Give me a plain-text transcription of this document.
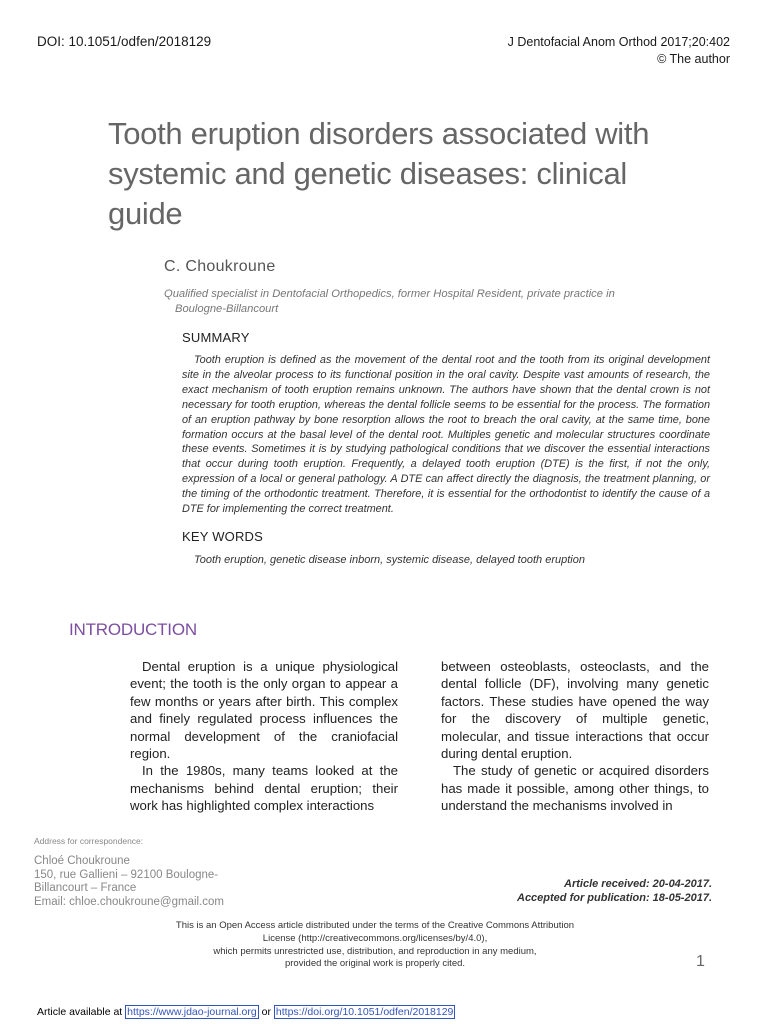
DOI: 10.1051/odfen/2018129	J Dentofacial Anom Orthod 2017;20:402
© The author
Tooth eruption disorders associated with systemic and genetic diseases: clinical guide
C. Choukroune
Qualified specialist in Dentofacial Orthopedics, former Hospital Resident, private practice in
Boulogne-Billancourt
SUMMARY

Tooth eruption is defined as the movement of the dental root and the tooth from its original development site in the alveolar process to its functional position in the oral cavity. Despite vast amounts of research, the exact mechanism of tooth eruption remains unknown. The authors have shown that the dental crown is not necessary for tooth eruption, whereas the dental follicle seems to be essential for the process. The formation of an eruption pathway by bone resorption allows the root to breach the oral cavity, at the same time, bone formation occurs at the basal level of the dental root. Multiples genetic and molecular structures coordinate these events. Sometimes it is by studying pathological conditions that we discover the essential interactions that occur during tooth eruption. Frequently, a delayed tooth eruption (DTE) is the first, if not the only, expression of a local or general pathology. A DTE can affect directly the diagnosis, the treatment planning, or the timing of the orthodontic treatment. Therefore, it is essential for the orthodontist to identify the cause of a DTE for implementing the correct treatment.

KEY WORDS
Tooth eruption, genetic disease inborn, systemic disease, delayed tooth eruption
INTRODUCTION

Dental eruption is a unique physiological event; the tooth is the only organ to appear a few months or years after birth. This complex and finely regulated process influences the normal development of the craniofacial region.

In the 1980s, many teams looked at the mechanisms behind dental eruption; their work has highlighted complex interactions

between osteoblasts, osteoclasts, and the dental follicle (DF), involving many genetic factors. These studies have opened the way for the discovery of multiple genetic, molecular, and tissue interactions that occur during dental eruption.

The study of genetic or acquired disorders has made it possible, among other things, to understand the mechanisms involved in

Address for correspondence:
Chloé Choukroune
150, rue Gallieni – 92100 Boulogne-
Billancourt – France
Email: chloe.choukroune@gmail.com
Article received: 20-04-2017.
Accepted for publication: 18-05-2017.
This is an Open Access article distributed under the terms of the Creative Commons Attribution
License (http://creativecommons.org/licenses/by/4.0),
which permits unrestricted use, distribution, and reproduction in any medium,
provided the original work is properly cited.	1
Article available at https://www.jdao-journal.org or https://doi.org/10.1051/odfen/2018129
